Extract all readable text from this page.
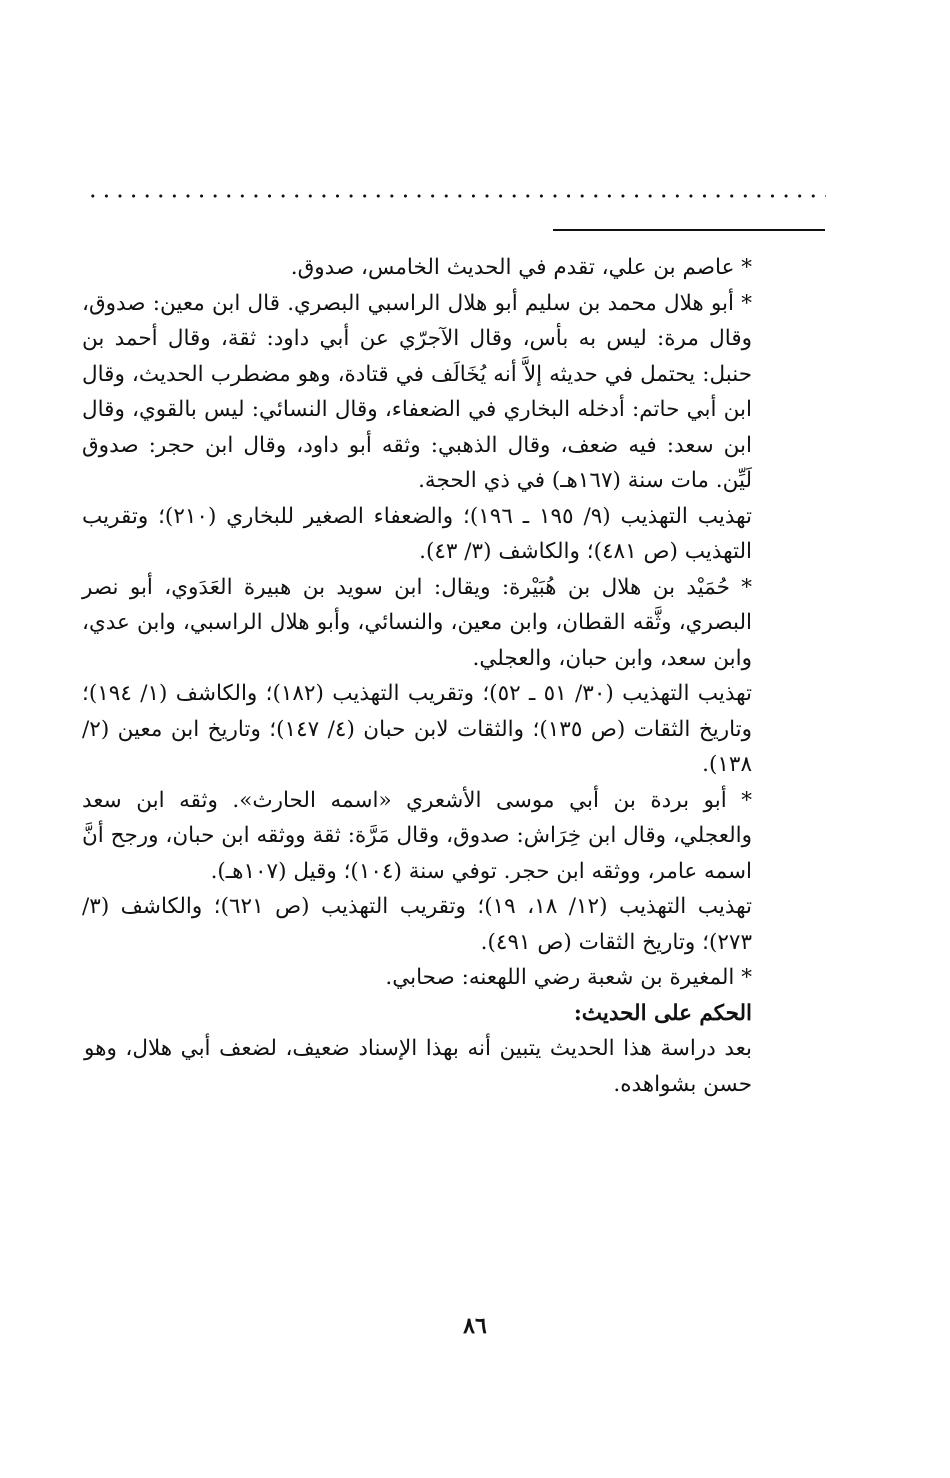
* عاصم بن علي، تقدم في الحديث الخامس، صدوق.

* أبو هلال محمد بن سليم أبو هلال الراسبي البصري. قال ابن معين: صدوق، وقال مرة: ليس به بأس، وقال الآجرّي عن أبي داود: ثقة، وقال أحمد بن حنبل: يحتمل في حديثه إلاَّ أنه يُخَالَف في قتادة، وهو مضطرب الحديث، وقال ابن أبي حاتم: أدخله البخاري في الضعفاء، وقال النسائي: ليس بالقوي، وقال ابن سعد: فيه ضعف، وقال الذهبي: وثقه أبو داود، وقال ابن حجر: صدوق لَيِّن. مات سنة (١٦٧هـ) في ذي الحجة.

تهذيب التهذيب (٩/ ١٩٥ ـ ١٩٦)؛ والضعفاء الصغير للبخاري (٢١٠)؛ وتقريب التهذيب (ص ٤٨١)؛ والكاشف (٣/ ٤٣).

* حُمَيْد بن هلال بن هُبَيْرة: ويقال: ابن سويد بن هبيرة العَدَوي، أبو نصر البصري، وثَّقه القطان، وابن معين، والنسائي، وأبو هلال الراسبي، وابن عدي، وابن سعد، وابن حبان، والعجلي.

تهذيب التهذيب (٣٠/ ٥١ ـ ٥٢)؛ وتقريب التهذيب (١٨٢)؛ والكاشف (١/ ١٩٤)؛ وتاريخ الثقات (ص ١٣٥)؛ والثقات لابن حبان (٤/ ١٤٧)؛ وتاريخ ابن معين (٢/ ١٣٨).

* أبو بردة بن أبي موسى الأشعري «اسمه الحارث». وثقه ابن سعد والعجلي، وقال ابن خِرَاش: صدوق، وقال مَرَّة: ثقة ووثقه ابن حبان، ورجح أنَّ اسمه عامر، ووثقه ابن حجر. توفي سنة (١٠٤)؛ وقيل (١٠٧هـ).

تهذيب التهذيب (١٢/ ١٨، ١٩)؛ وتقريب التهذيب (ص ٦٢١)؛ والكاشف (٣/ ٢٧٣)؛ وتاريخ الثقات (ص ٤٩١).

* المغيرة بن شعبة رضي اللهعنه: صحابي.

الحكم على الحديث:

بعد دراسة هذا الحديث يتبين أنه بهذا الإسناد ضعيف، لضعف أبي هلال، وهو حسن بشواهده.

٨٦
